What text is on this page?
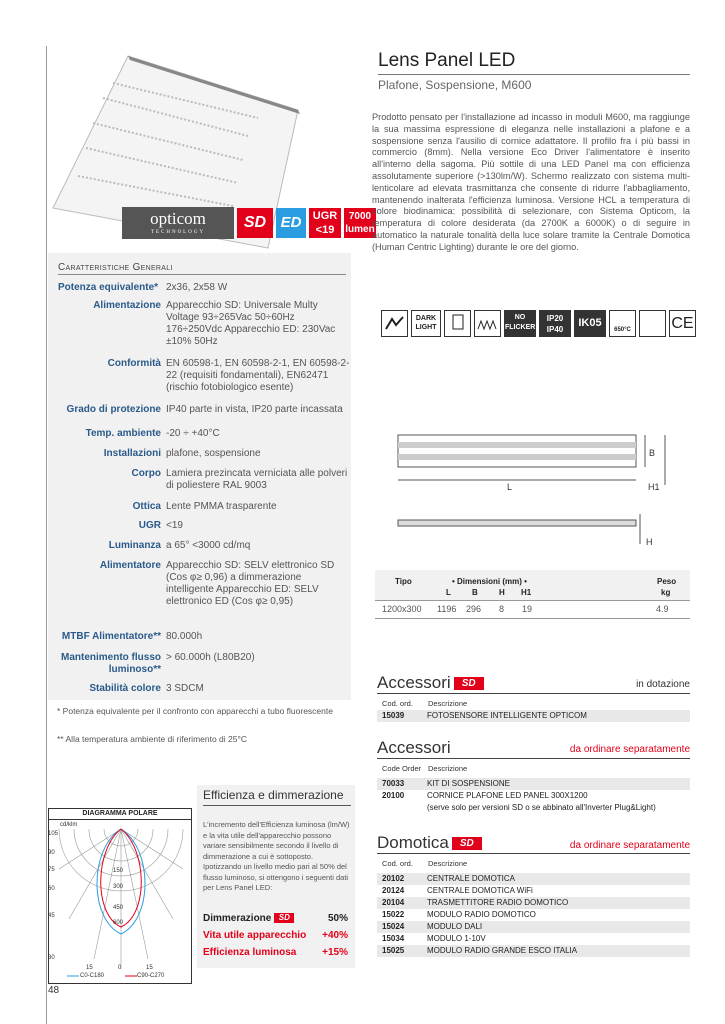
opticom
TECHNOLOGY
SD ED	UGR
<19
7000
lumen
Caratteristiche Generali
Potenza equivalente* 2x36, 2x58 W
Alimentazione Apparecchio SD: Universale Multy Voltage 93÷265Vac 50÷60Hz 176÷250Vdc Apparecchio ED: 230Vac ±10% 50Hz
Conformità EN 60598-1, EN 60598-2-1, EN 60598-2-22 (requisiti fondamentali), EN62471 (rischio fotobiologico esente)
Grado di protezione IP40 parte in vista, IP20 parte incassata
Temp. ambiente -20 ÷ +40°C
Installazioni plafone, sospensione
Corpo Lamiera prezincata verniciata alle polveri di poliestere RAL 9003
Ottica Lente PMMA trasparente
UGR <19
Luminanza a 65° <3000 cd/mq
Alimentatore Apparecchio SD: SELV elettronico SD (Cos φ≥ 0,96) a dimmerazione intelligente Apparecchio ED: SELV elettronico ED (Cos φ≥ 0,95)
MTBF Alimentatore** 80.000h
Mantenimento flusso luminoso**
> 60.000h (L80B20)
Stabilità colore 3 SDCM
* Potenza equivalente per il confronto con apparecchi a tubo fluorescente
** Alla temperatura ambiente di riferimento di 25°C
Lens Panel LED
Plafone, Sospensione, M600
Prodotto pensato per l'installazione ad incasso in moduli M600, ma raggiunge la sua massima espressione di eleganza nelle installazioni a plafone e a sospensione senza l'ausilio di cornice adattatore. Il profilo fra i più bassi in commercio (8mm). Nella versione Eco Driver l'alimentatore è inserito all'interno della sagoma. Più sottile di una LED Panel ma con efficienza assolutamente superiore (>130lm/W). Schermo realizzato con sistema multi-lenticolare ad elevata trasmittanza che consente di ridurre l'abbagliamento, mantenendo inalterata l'efficienza luminosa. Versione HCL a temperatura di colore biodinamica: possibilità di selezionare, con Sistema Opticom, la temperatura di colore desiderata (da 2700K a 6000K) o di seguire in automatico la naturale tonalità della luce solare tramite la Centrale Domotica (Human Centric Lighting) durante le ore del giorno.
DARK LIGHT
NO FLICKER
IP20 IP40
IK05
650°C	CE
B
L	H1
H
Tipo	• Dimensioni (mm) •	Peso
L	B	H H1	kg
1200x300 1196 296 8 19	4.9
Accessori SD	in dotazione
Cod. ord. Descrizione
15039	FOTOSENSORE INTELLIGENTE OPTICOM
Accessori	da ordinare separatamente
Code Order Descrizione
70033	KIT DI SOSPENSIONE
20100	CORNICE PLAFONE LED PANEL 300X1200
(serve solo per versioni SD o se abbinato all'Inverter Plug&Light)
Domotica SD	da ordinare separatamente
Cod. ord. Descrizione
20102	CENTRALE DOMOTICA
20124	CENTRALE DOMOTICA WiFi
20104	TRASMETTITORE RADIO DOMOTICO
15022	MODULO RADIO DOMOTICO
15024	MODULO DALI
15034	MODULO 1-10V
15025	MODULO RADIO GRANDE ESCO ITALIA
Efficienza e dimmerazione
L'incremento dell'Efficienza luminosa (lm/W) e la vita utile dell'apparecchio possono variare sensibilmente secondo il livello di dimmerazione a cui è sottoposto. Ipotizzando un livello medio pari al 50% del flusso luminoso, si ottengono i seguenti dati per Lens Panel LED:
Dimmerazione SD	50%
Vita utile apparecchio +40%
Efficienza luminosa	+15%
DIAGRAMMA POLARE
cd/klm
105
90
75
60
45
30
150
300
450
600
15	0	15
C0-C180	C90-C270
48
